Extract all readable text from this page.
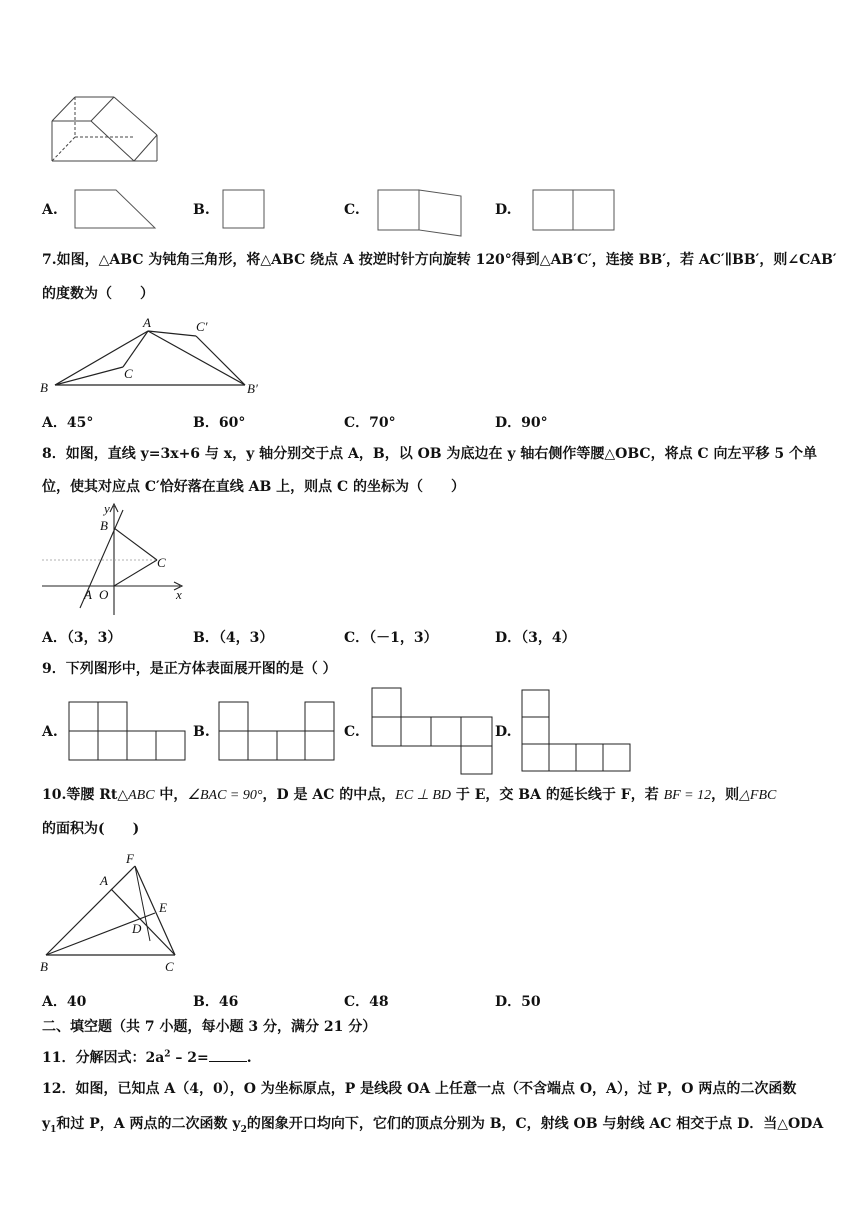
A.	B.	C.	D.
7.如图，△ABC 为钝角三角形，将△ABC 绕点 A 按逆时针方向旋转 120°得到△AB′C′，连接 BB′，若 AC′∥BB′，则∠CAB′
的度数为（　　）
A
B
C
C′
B′
A．45°	B．60°	C．70°	D．90°
8．如图，直线 y=3x+6 与 x，y 轴分别交于点 A，B，以 OB 为底边在 y 轴右侧作等腰△OBC，将点 C 向左平移 5 个单
位，使其对应点 C′恰好落在直线 AB 上，则点 C 的坐标为（　　）
y
B
C
A O	x
A．（3，3）	B．（4，3）	C．（－1，3）	D．（3，4）
9．下列图形中，是正方体表面展开图的是（ ）
A.	B.	C.	D.
10.等腰 Rt△ABC 中，∠BAC = 90°，D 是 AC 的中点，EC ⊥ BD 于 E，交 BA 的延长线于 F，若 BF = 12，则△FBC
的面积为(　　)
F
A
E
D
B	C
A．40	B．46	C．48	D．50
二、填空题（共 7 小题，每小题 3 分，满分 21 分）
11．分解因式：$2a^2 - 2=$	.
12．如图，已知点 A（4，0），O 为坐标原点，P 是线段 OA 上任意一点（不含端点 O，A），过 P，O 两点的二次函数
$y_1$和过 P，A 两点的二次函数 $y_2$的图象开口均向下，它们的顶点分别为 B，C，射线 OB 与射线 AC 相交于点 D．当△ODA
